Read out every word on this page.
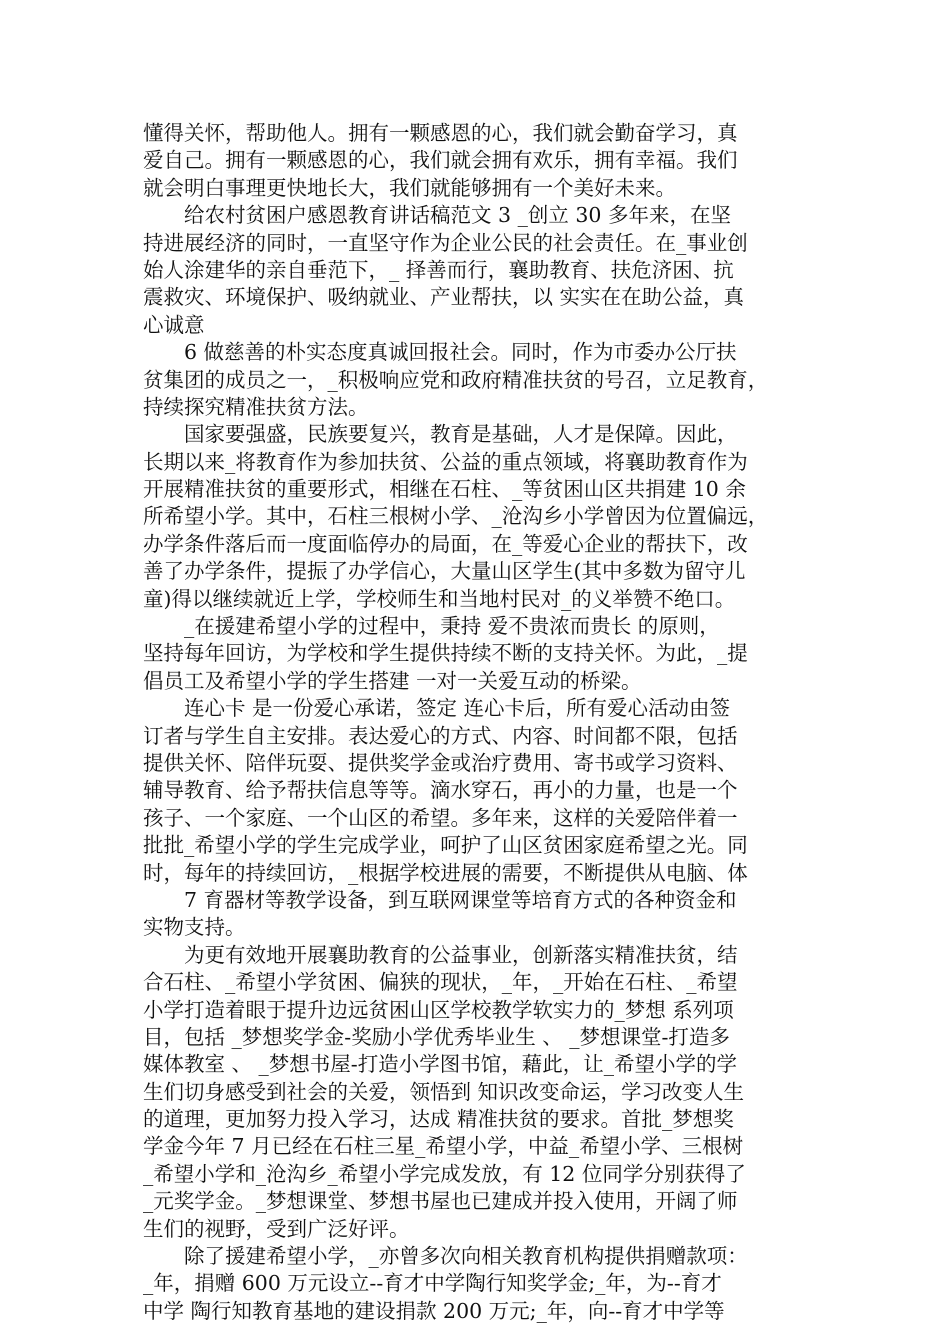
懂得关怀，帮助他人。拥有一颗感恩的心，我们就会勤奋学习，真
爱自己。拥有一颗感恩的心，我们就会拥有欢乐，拥有幸福。我们
就会明白事理更快地长大，我们就能够拥有一个美好未来。
　　给农村贫困户感恩教育讲话稿范文 3 _创立 30 多年来，在坚
持进展经济的同时，一直坚守作为企业公民的社会责任。在_事业创
始人涂建华的亲自垂范下，_ 择善而行，襄助教育、扶危济困、抗
震救灾、环境保护、吸纳就业、产业帮扶，以 实实在在助公益，真
心诚意
　　6 做慈善的朴实态度真诚回报社会。同时，作为市委办公厅扶
贫集团的成员之一，_积极响应党和政府精准扶贫的号召，立足教育，
持续探究精准扶贫方法。
　　国家要强盛，民族要复兴，教育是基础，人才是保障。因此，
长期以来_将教育作为参加扶贫、公益的重点领域，将襄助教育作为
开展精准扶贫的重要形式，相继在石柱、_等贫困山区共捐建 10 余
所希望小学。其中，石柱三根树小学、_沧沟乡小学曾因为位置偏远，
办学条件落后而一度面临停办的局面，在_等爱心企业的帮扶下，改
善了办学条件，提振了办学信心，大量山区学生(其中多数为留守儿
童)得以继续就近上学，学校师生和当地村民对_的义举赞不绝口。
　　_在援建希望小学的过程中，秉持 爱不贵浓而贵长 的原则，
坚持每年回访，为学校和学生提供持续不断的支持关怀。为此，_提
倡员工及希望小学的学生搭建 一对一关爱互动的桥梁。
　　连心卡 是一份爱心承诺，签定 连心卡后，所有爱心活动由签
订者与学生自主安排。表达爱心的方式、内容、时间都不限，包括
提供关怀、陪伴玩耍、提供奖学金或治疗费用、寄书或学习资料、
辅导教育、给予帮扶信息等等。滴水穿石，再小的力量，也是一个
孩子、一个家庭、一个山区的希望。多年来，这样的关爱陪伴着一
批批_希望小学的学生完成学业，呵护了山区贫困家庭希望之光。同
时，每年的持续回访，_根据学校进展的需要，不断提供从电脑、体
　　7 育器材等教学设备，到互联网课堂等培育方式的各种资金和
实物支持。
　　为更有效地开展襄助教育的公益事业，创新落实精准扶贫，结
合石柱、_希望小学贫困、偏狭的现状，_年，_开始在石柱、_希望
小学打造着眼于提升边远贫困山区学校教学软实力的_梦想 系列项
目，包括 _梦想奖学金-奖励小学优秀毕业生 、 _梦想课堂-打造多
媒体教室 、 _梦想书屋-打造小学图书馆，藉此，让_希望小学的学
生们切身感受到社会的关爱，领悟到 知识改变命运，学习改变人生
的道理，更加努力投入学习，达成 精准扶贫的要求。首批_梦想奖
学金今年 7 月已经在石柱三星_希望小学，中益_希望小学、三根树
_希望小学和_沧沟乡_希望小学完成发放，有 12 位同学分别获得了
_元奖学金。_梦想课堂、梦想书屋也已建成并投入使用，开阔了师
生们的视野，受到广泛好评。
　　除了援建希望小学，_亦曾多次向相关教育机构提供捐赠款项：
_年，捐赠 600 万元设立--育才中学陶行知奖学金;_年，为--育才
中学 陶行知教育基地的建设捐款 200 万元;_年，向--育才中学等
